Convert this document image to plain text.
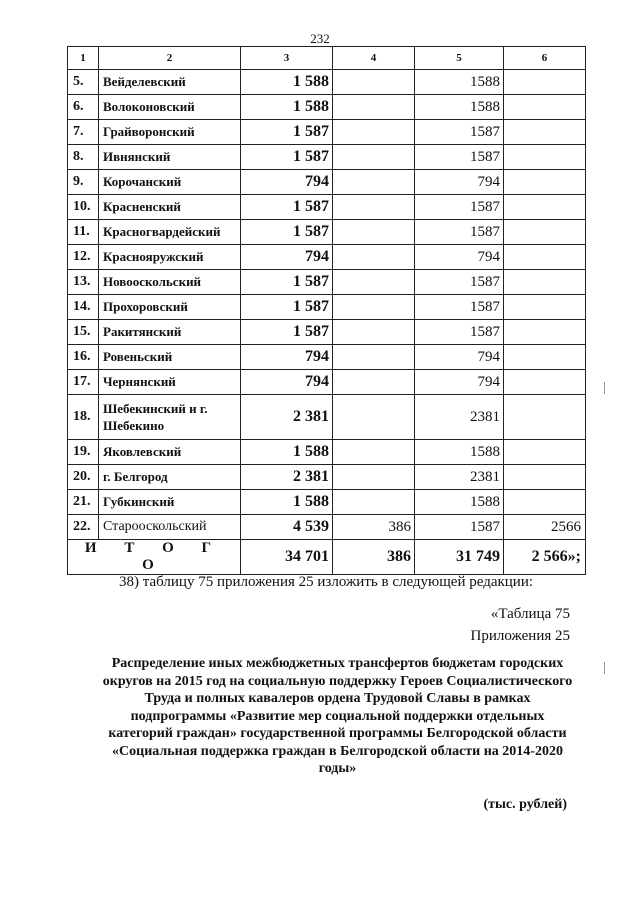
232
1	2	3	4	5	6
5.	Вейделевский	1 588		1588	
6.	Волоконовский	1 588		1588	
7.	Грайворонский	1 587		1587	
8.	Ивнянский	1 587		1587	
9.	Корочанский	794		794	
10.	Красненский	1 587		1587	
11.	Красногвардейский	1 587		1587	
12.	Краснояружский	794		794	
13.	Новооскольский	1 587		1587	
14.	Прохоровский	1 587		1587	
15.	Ракитянский	1 587		1587	
16.	Ровеньский	794		794	
17.	Чернянский	794		794	
18.	Шебекинский и г. Шебекино	2 381		2381	
19.	Яковлевский	1 588		1588	
20.	г. Белгород	2 381		2381	
21.	Губкинский	1 588		1588	
22.	Старооскольский	4 539	386	1587	2566
И Т О Г О		34 701	386	31 749	2 566»;
38) таблицу 75 приложения 25 изложить в следующей редакции:
«Таблица 75
Приложения 25
Распределение иных межбюджетных трансфертов бюджетам городских округов на 2015 год на социальную поддержку Героев Социалистического Труда и полных кавалеров ордена Трудовой Славы в рамках подпрограммы «Развитие мер социальной поддержки отдельных категорий граждан» государственной программы Белгородской области «Социальная поддержка граждан в Белгородской области на 2014-2020 годы»
(тыс. рублей)
